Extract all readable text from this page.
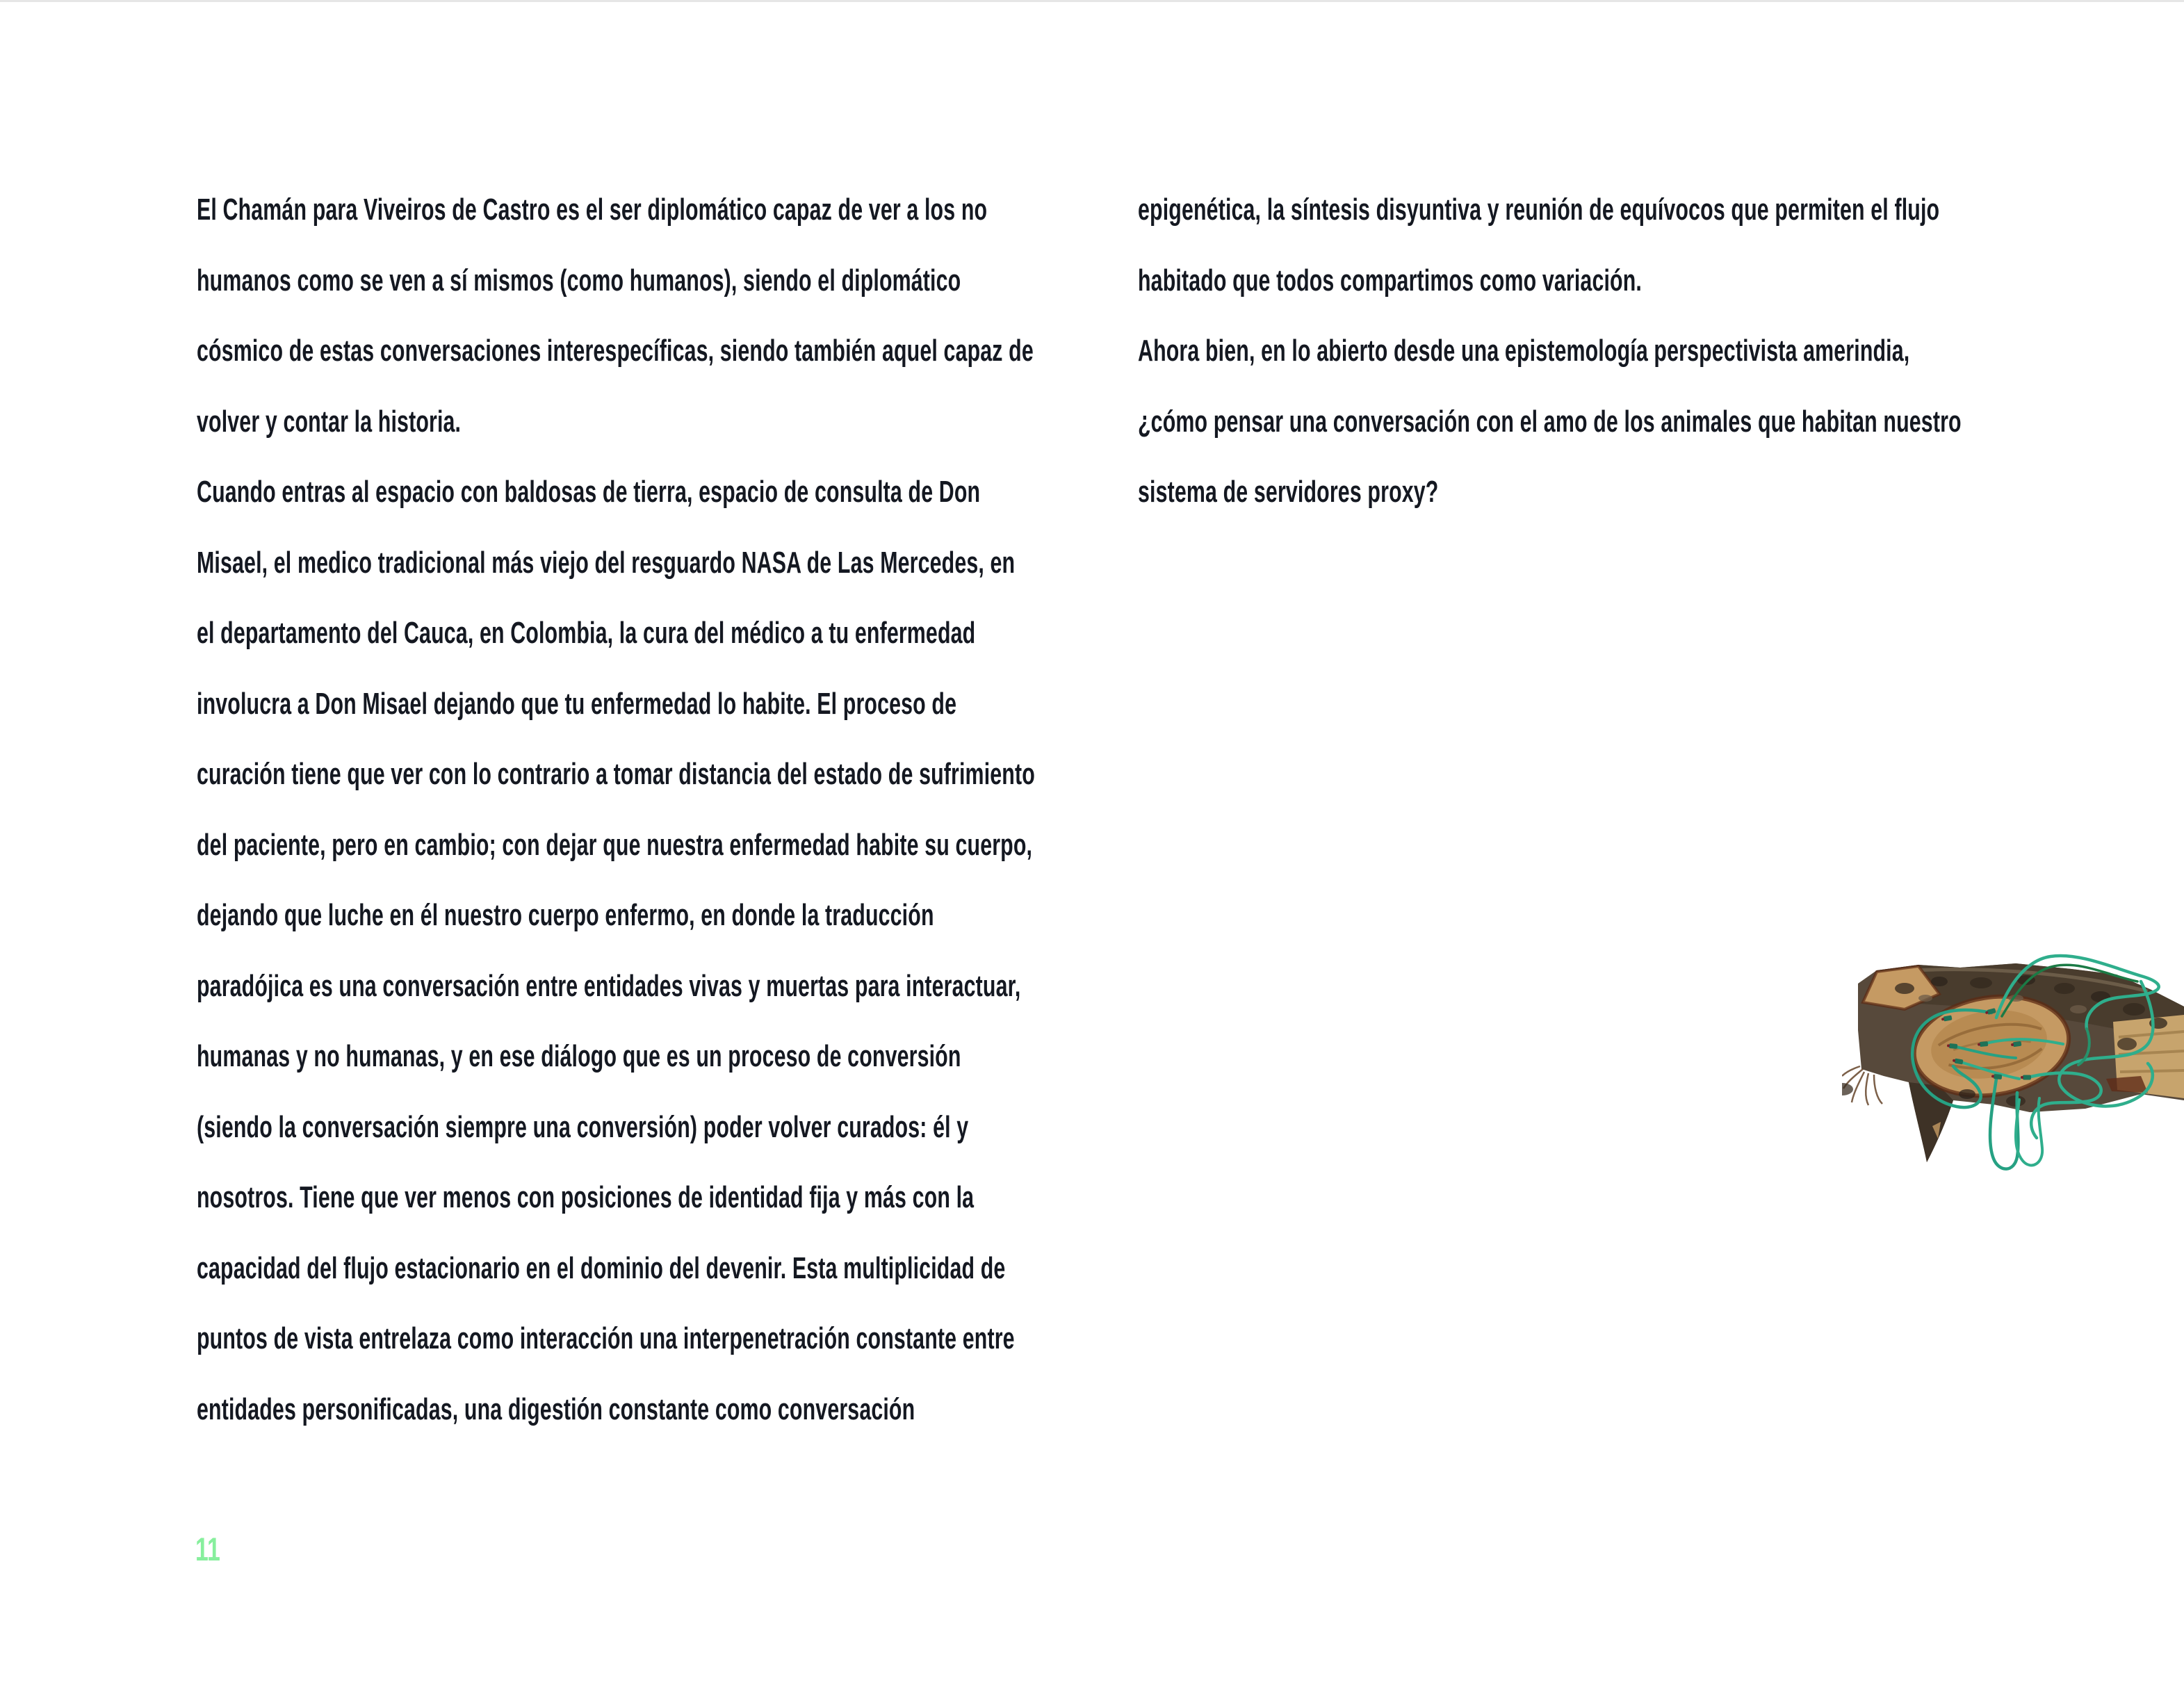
El Chamán para Viveiros de Castro es el ser diplomático capaz de ver a los no
humanos como se ven a sí mismos (como humanos), siendo el diplomático
cósmico de estas conversaciones interespecíficas, siendo también aquel capaz de
volver y contar la historia.
Cuando entras al espacio con baldosas de tierra, espacio de consulta de Don
Misael, el medico tradicional más viejo del resguardo NASA de Las Mercedes, en
el departamento del Cauca, en Colombia, la cura del médico a tu enfermedad
involucra a Don Misael dejando que tu enfermedad lo habite. El proceso de
curación tiene que ver con lo contrario a tomar distancia del estado de sufrimiento
del paciente, pero en cambio; con dejar que nuestra enfermedad habite su cuerpo,
dejando que luche en él nuestro cuerpo enfermo, en donde la traducción
paradójica es una conversación entre entidades vivas y muertas para interactuar,
humanas y no humanas, y en ese diálogo que es un proceso de conversión
(siendo la conversación siempre una conversión) poder volver curados: él y
nosotros. Tiene que ver menos con posiciones de identidad fija y más con la
capacidad del flujo estacionario en el dominio del devenir. Esta multiplicidad de
puntos de vista entrelaza como interacción una interpenetración constante entre
entidades personificadas, una digestión constante como conversación
epigenética, la síntesis disyuntiva y reunión de equívocos que permiten el flujo
habitado que todos compartimos como variación.
Ahora bien, en lo abierto desde una epistemología perspectivista amerindia,
¿cómo pensar una conversación con el amo de los animales que habitan nuestro
sistema de servidores proxy?
11
